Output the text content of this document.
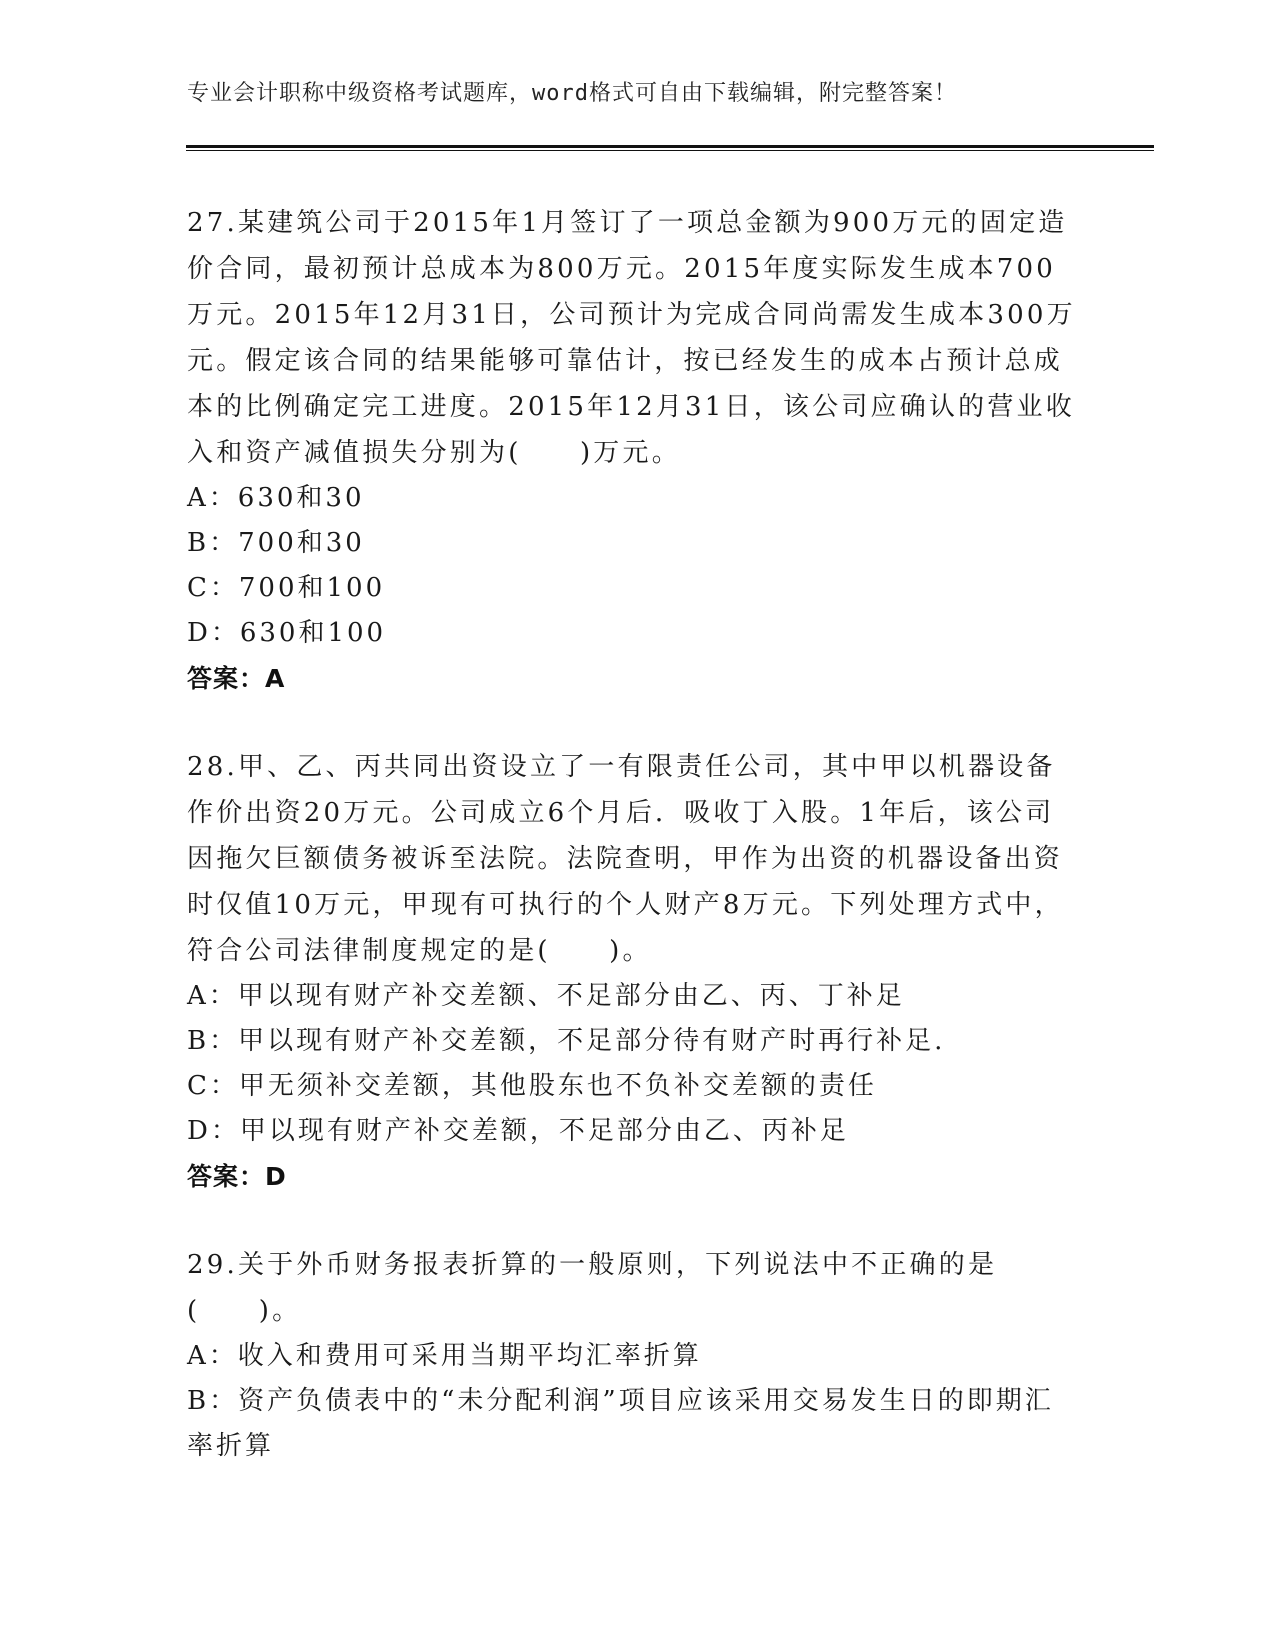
专业会计职称中级资格考试题库，word格式可自由下载编辑，附完整答案！

27.某建筑公司于2015年1月签订了一项总金额为900万元的固定造价合同，最初预计总成本为800万元。2015年度实际发生成本700万元。2015年12月31日，公司预计为完成合同尚需发生成本300万元。假定该合同的结果能够可靠估计，按已经发生的成本占预计总成本的比例确定完工进度。2015年12月31日，该公司应确认的营业收入和资产减值损失分别为(　　)万元。

A：630和30

B：700和30

C：700和100

D：630和100

答案：A

28.甲、乙、丙共同出资设立了一有限责任公司，其中甲以机器设备作价出资20万元。公司成立6个月后．吸收丁入股。1年后，该公司因拖欠巨额债务被诉至法院。法院查明，甲作为出资的机器设备出资时仅值10万元，甲现有可执行的个人财产8万元。下列处理方式中，符合公司法律制度规定的是(　　)。

A：甲以现有财产补交差额、不足部分由乙、丙、丁补足

B：甲以现有财产补交差额，不足部分待有财产时再行补足.

C：甲无须补交差额，其他股东也不负补交差额的责任

D：甲以现有财产补交差额，不足部分由乙、丙补足

答案：D

29.关于外币财务报表折算的一般原则，下列说法中不正确的是(　　)。

A：收入和费用可采用当期平均汇率折算

B：资产负债表中的“未分配利润”项目应该采用交易发生日的即期汇率折算
